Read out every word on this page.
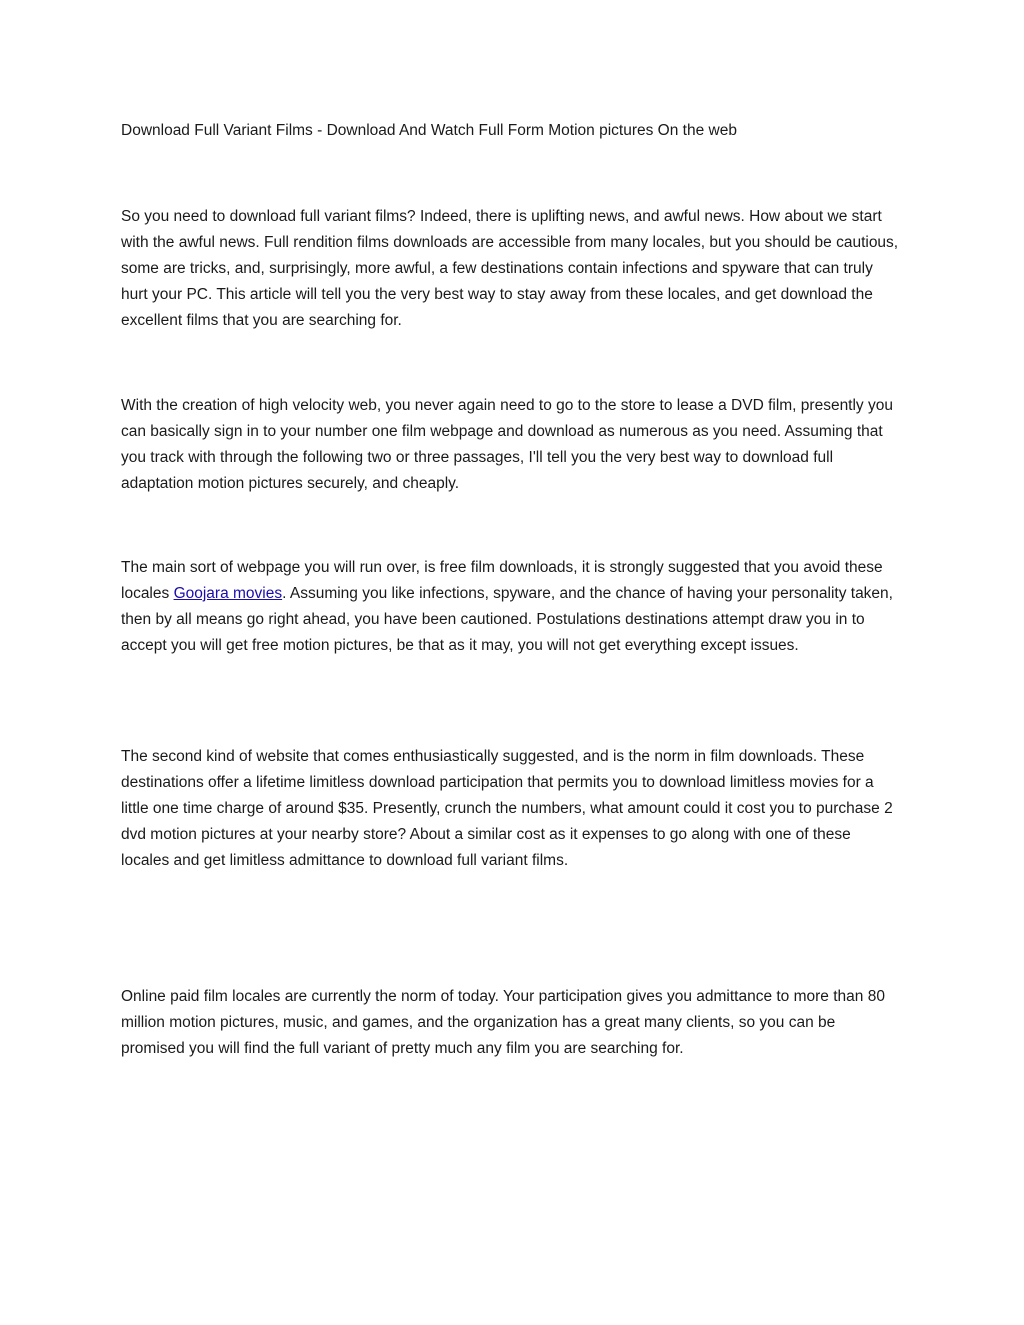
Download Full Variant Films - Download And Watch Full Form Motion pictures On the web

So you need to download full variant films? Indeed, there is uplifting news, and awful news. How about we start with the awful news. Full rendition films downloads are accessible from many locales, but you should be cautious, some are tricks, and, surprisingly, more awful, a few destinations contain infections and spyware that can truly hurt your PC. This article will tell you the very best way to stay away from these locales, and get download the excellent films that you are searching for.

With the creation of high velocity web, you never again need to go to the store to lease a DVD film, presently you can basically sign in to your number one film webpage and download as numerous as you need. Assuming that you track with through the following two or three passages, I'll tell you the very best way to download full adaptation motion pictures securely, and cheaply.

The main sort of webpage you will run over, is free film downloads, it is strongly suggested that you avoid these locales Goojara movies. Assuming you like infections, spyware, and the chance of having your personality taken, then by all means go right ahead, you have been cautioned. Postulations destinations attempt draw you in to accept you will get free motion pictures, be that as it may, you will not get everything except issues.

The second kind of website that comes enthusiastically suggested, and is the norm in film downloads. These destinations offer a lifetime limitless download participation that permits you to download limitless movies for a little one time charge of around $35. Presently, crunch the numbers, what amount could it cost you to purchase 2 dvd motion pictures at your nearby store? About a similar cost as it expenses to go along with one of these locales and get limitless admittance to download full variant films.

Online paid film locales are currently the norm of today. Your participation gives you admittance to more than 80 million motion pictures, music, and games, and the organization has a great many clients, so you can be promised you will find the full variant of pretty much any film you are searching for.
